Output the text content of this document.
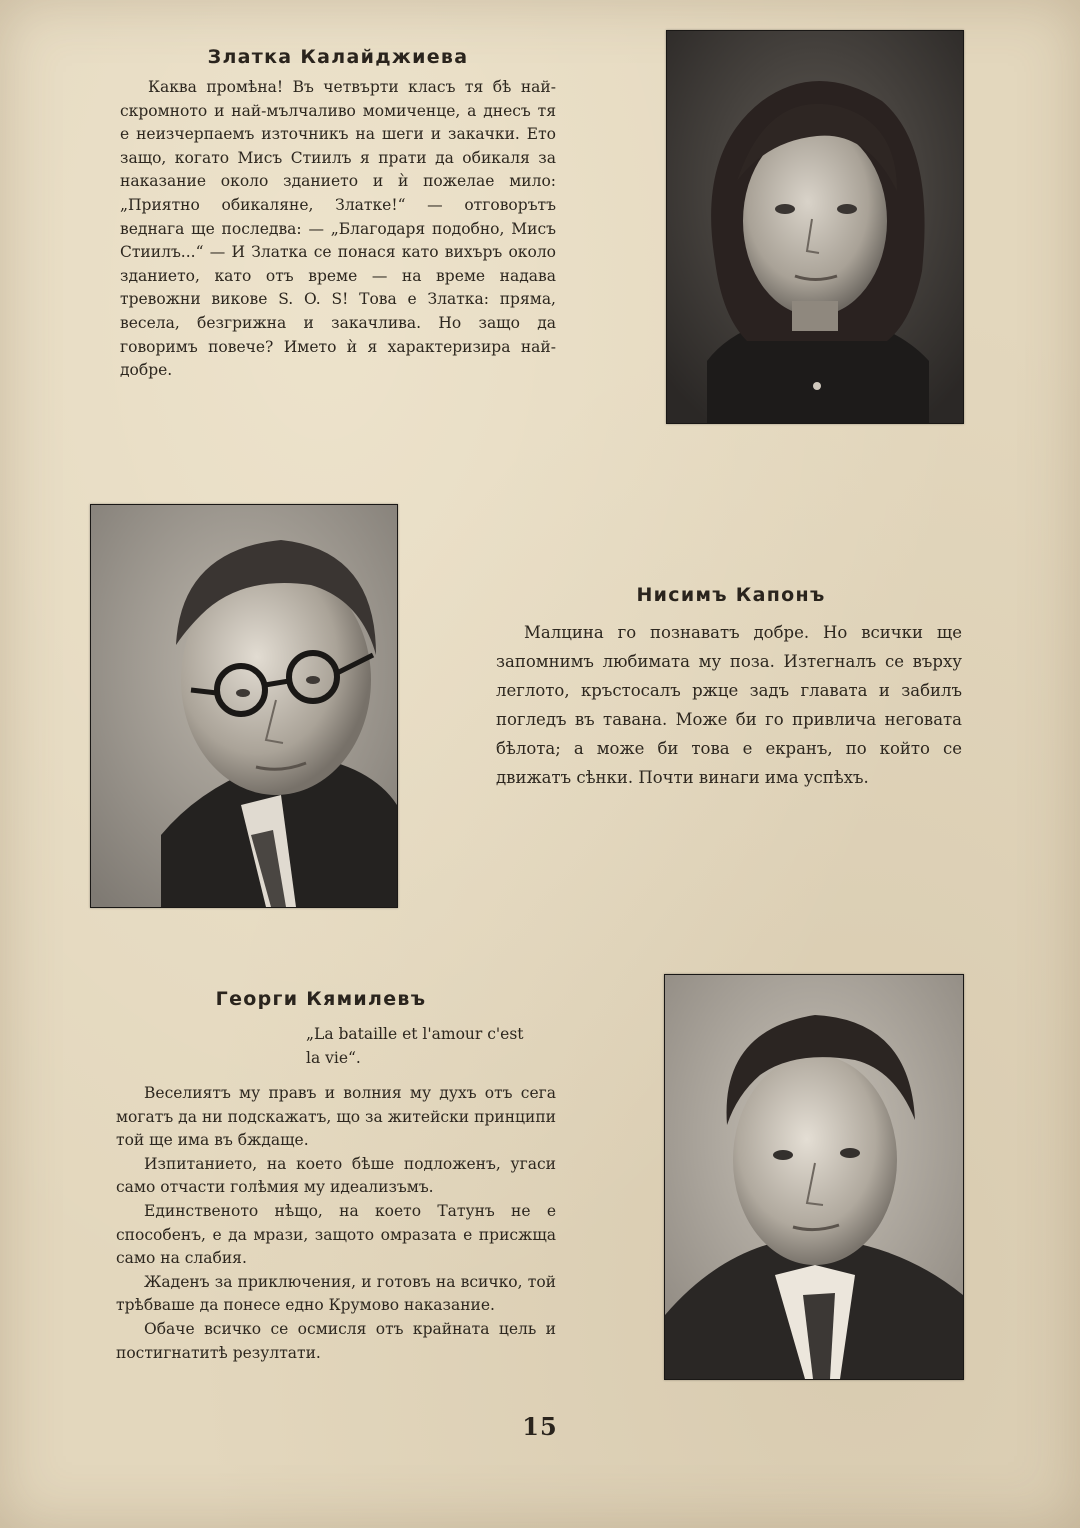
Златка Калайджиева

Каква промѣна! Въ четвърти класъ тя бѣ най-скромното и най-мълчаливо момиченце, а днесъ тя е неизчерпаемъ източникъ на шеги и закачки. Ето защо, когато Мисъ Стиилъ я прати да обикаля за наказание около зданието и ѝ пожелае мило: „Приятно обикаляне, Златке!“ — отговорътъ веднага ще последва: — „Благодаря подобно, Мисъ Стиилъ...“ — И Златка се понася като вихъръ около зданието, като отъ време — на време надава тревожни викове S. O. S! Това е Златка: пряма, весела, безгрижна и закачлива. Но защо да говоримъ повече? Името ѝ я характеризира най-добре.

Нисимъ Капонъ

Малцина го познаватъ добре. Но всички ще запомнимъ любимата му поза. Изтегналъ се върху леглото, кръстосалъ ржце задъ главата и забилъ погледъ въ тавана. Може би го привлича неговата бѣлота; а може би това е екранъ, по който се движатъ сѣнки. Почти винаги има успѣхъ.

Георги Кямилевъ
„La bataille et l'amour c'est
la vie“.

Веселиятъ му правъ и волния му духъ отъ сега могатъ да ни подскажатъ, що за житейски принципи той ще има въ бждаще.

Изпитанието, на което бѣше подложенъ, угаси само отчасти голѣмия му идеализъмъ.

Единственото нѣщо, на което Татунъ не е способенъ, е да мрази, защото омразата е присжща само на слабия.

Жаденъ за приключения, и готовъ на всичко, той трѣбваше да понесе едно Крумово наказание.

Обаче всичко се осмисля отъ крайната цель и постигнатитѣ резултати.

15
